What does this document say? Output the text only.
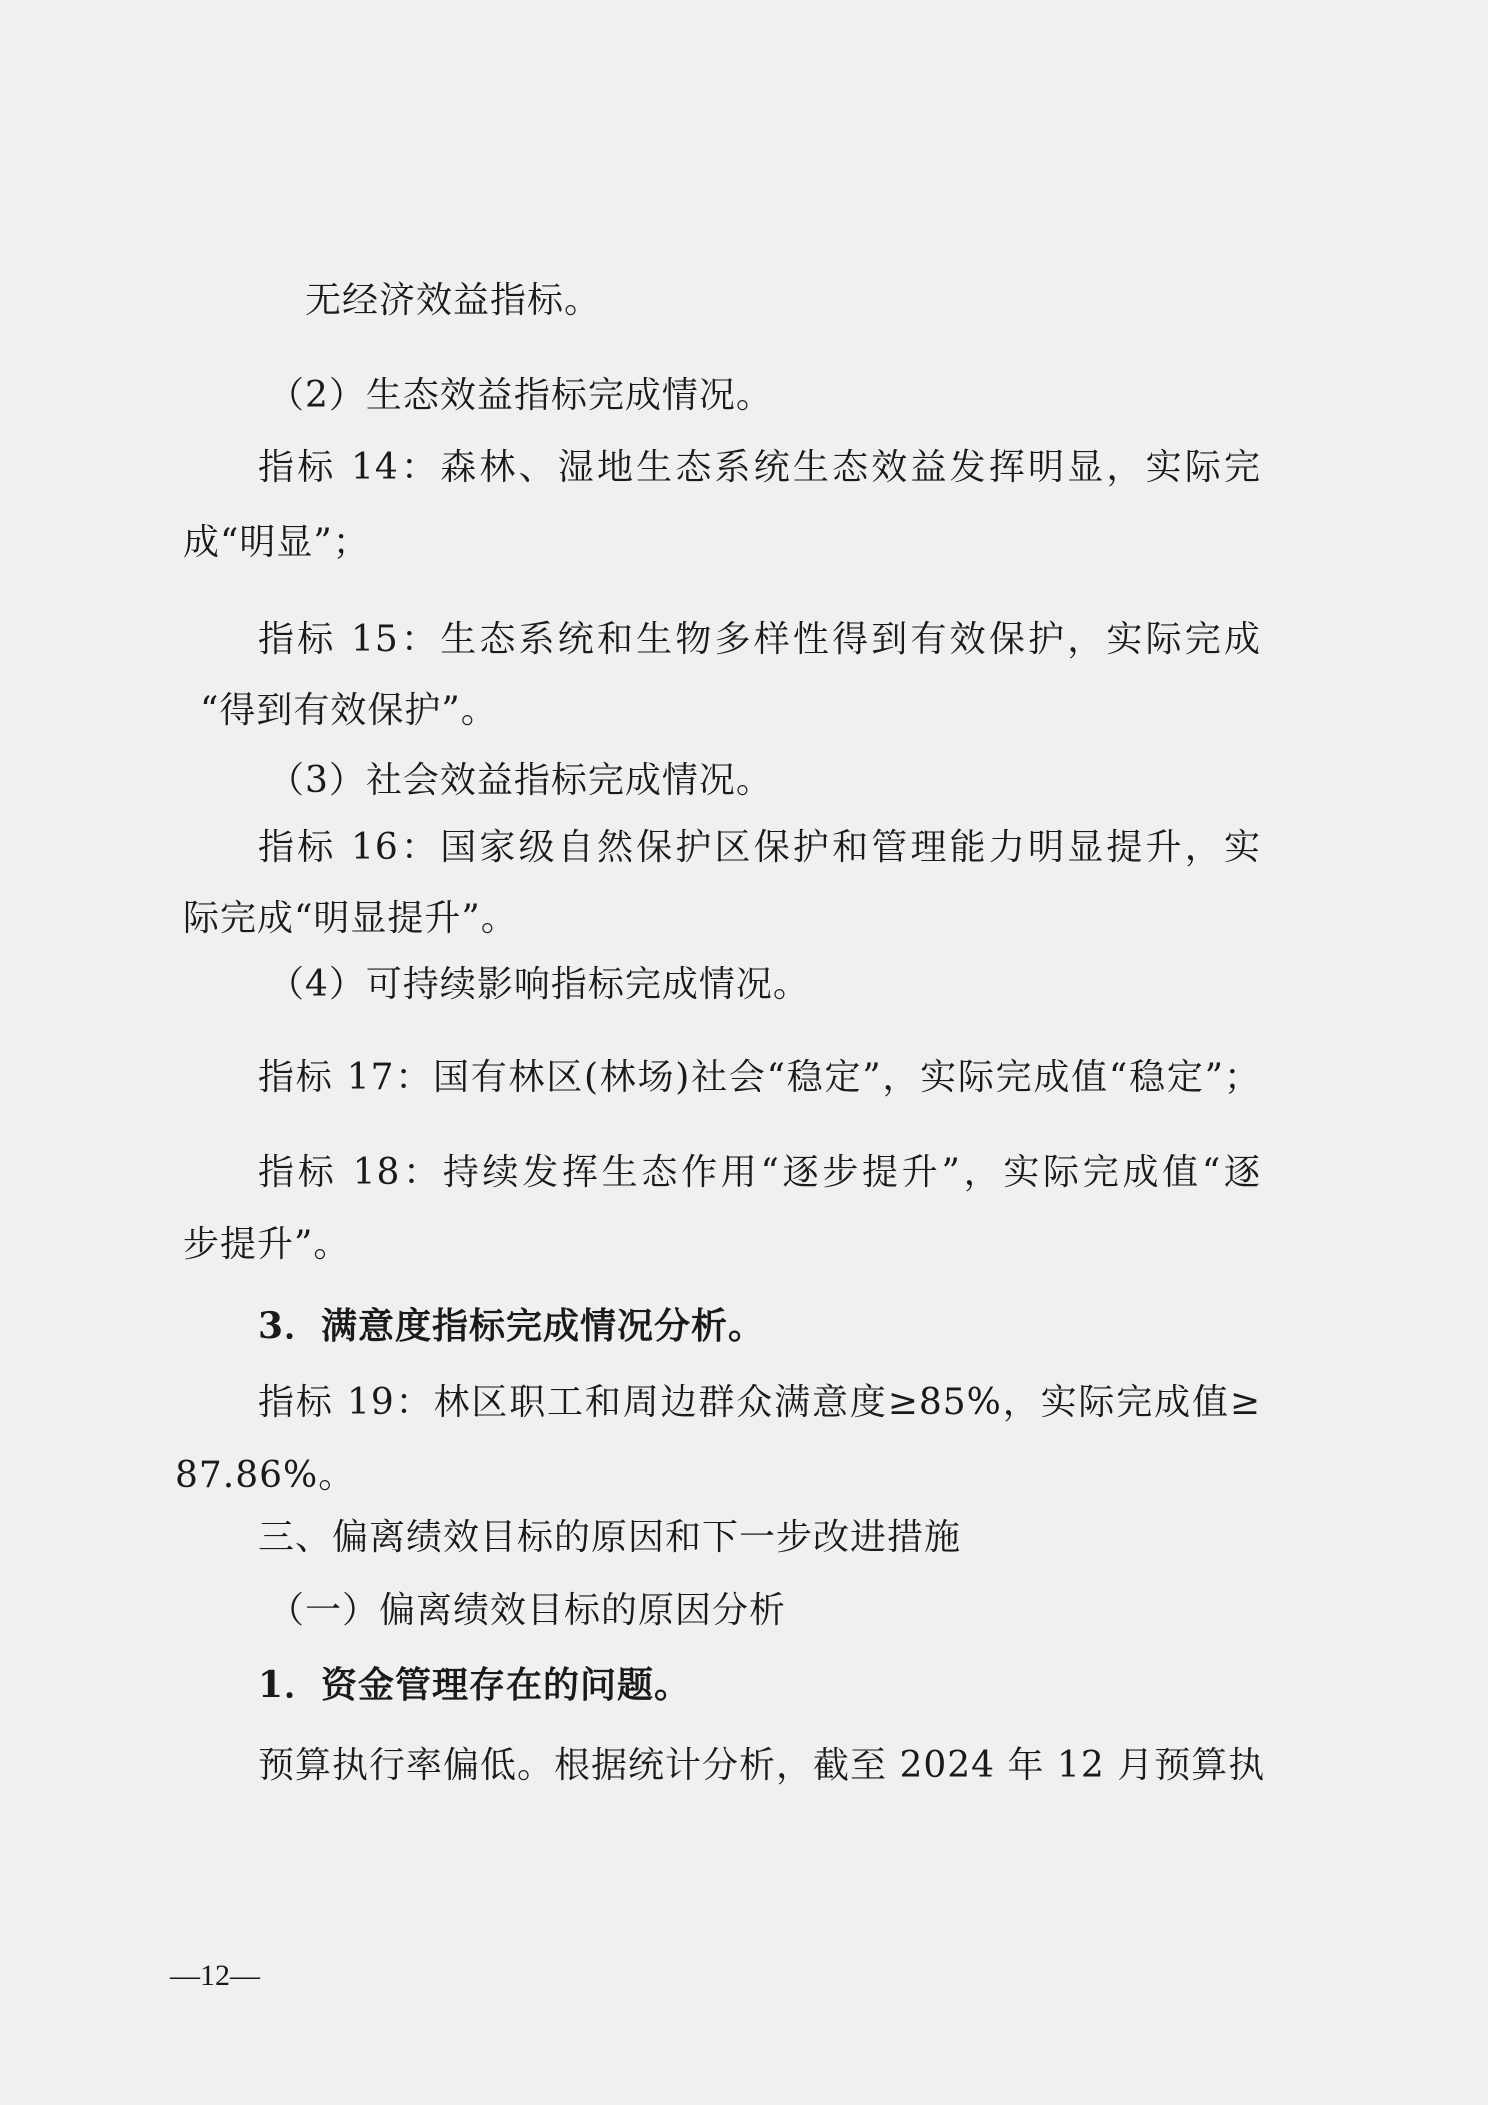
无经济效益指标。
（2）生态效益指标完成情况。
指标 14：森林、湿地生态系统生态效益发挥明显，实际完
成“明显”；
指标 15：生态系统和生物多样性得到有效保护，实际完成
“得到有效保护”。
（3）社会效益指标完成情况。
指标 16：国家级自然保护区保护和管理能力明显提升，实
际完成“明显提升”。
（4）可持续影响指标完成情况。
指标 17：国有林区(林场)社会“稳定”，实际完成值“稳定”；
指标 18：持续发挥生态作用“逐步提升”，实际完成值“逐
步提升”。
3．满意度指标完成情况分析。
指标 19：林区职工和周边群众满意度≥85%，实际完成值≥
87.86%。
三、偏离绩效目标的原因和下一步改进措施
（一）偏离绩效目标的原因分析
1．资金管理存在的问题。
预算执行率偏低。根据统计分析，截至 2024 年 12 月预算执
—12—
